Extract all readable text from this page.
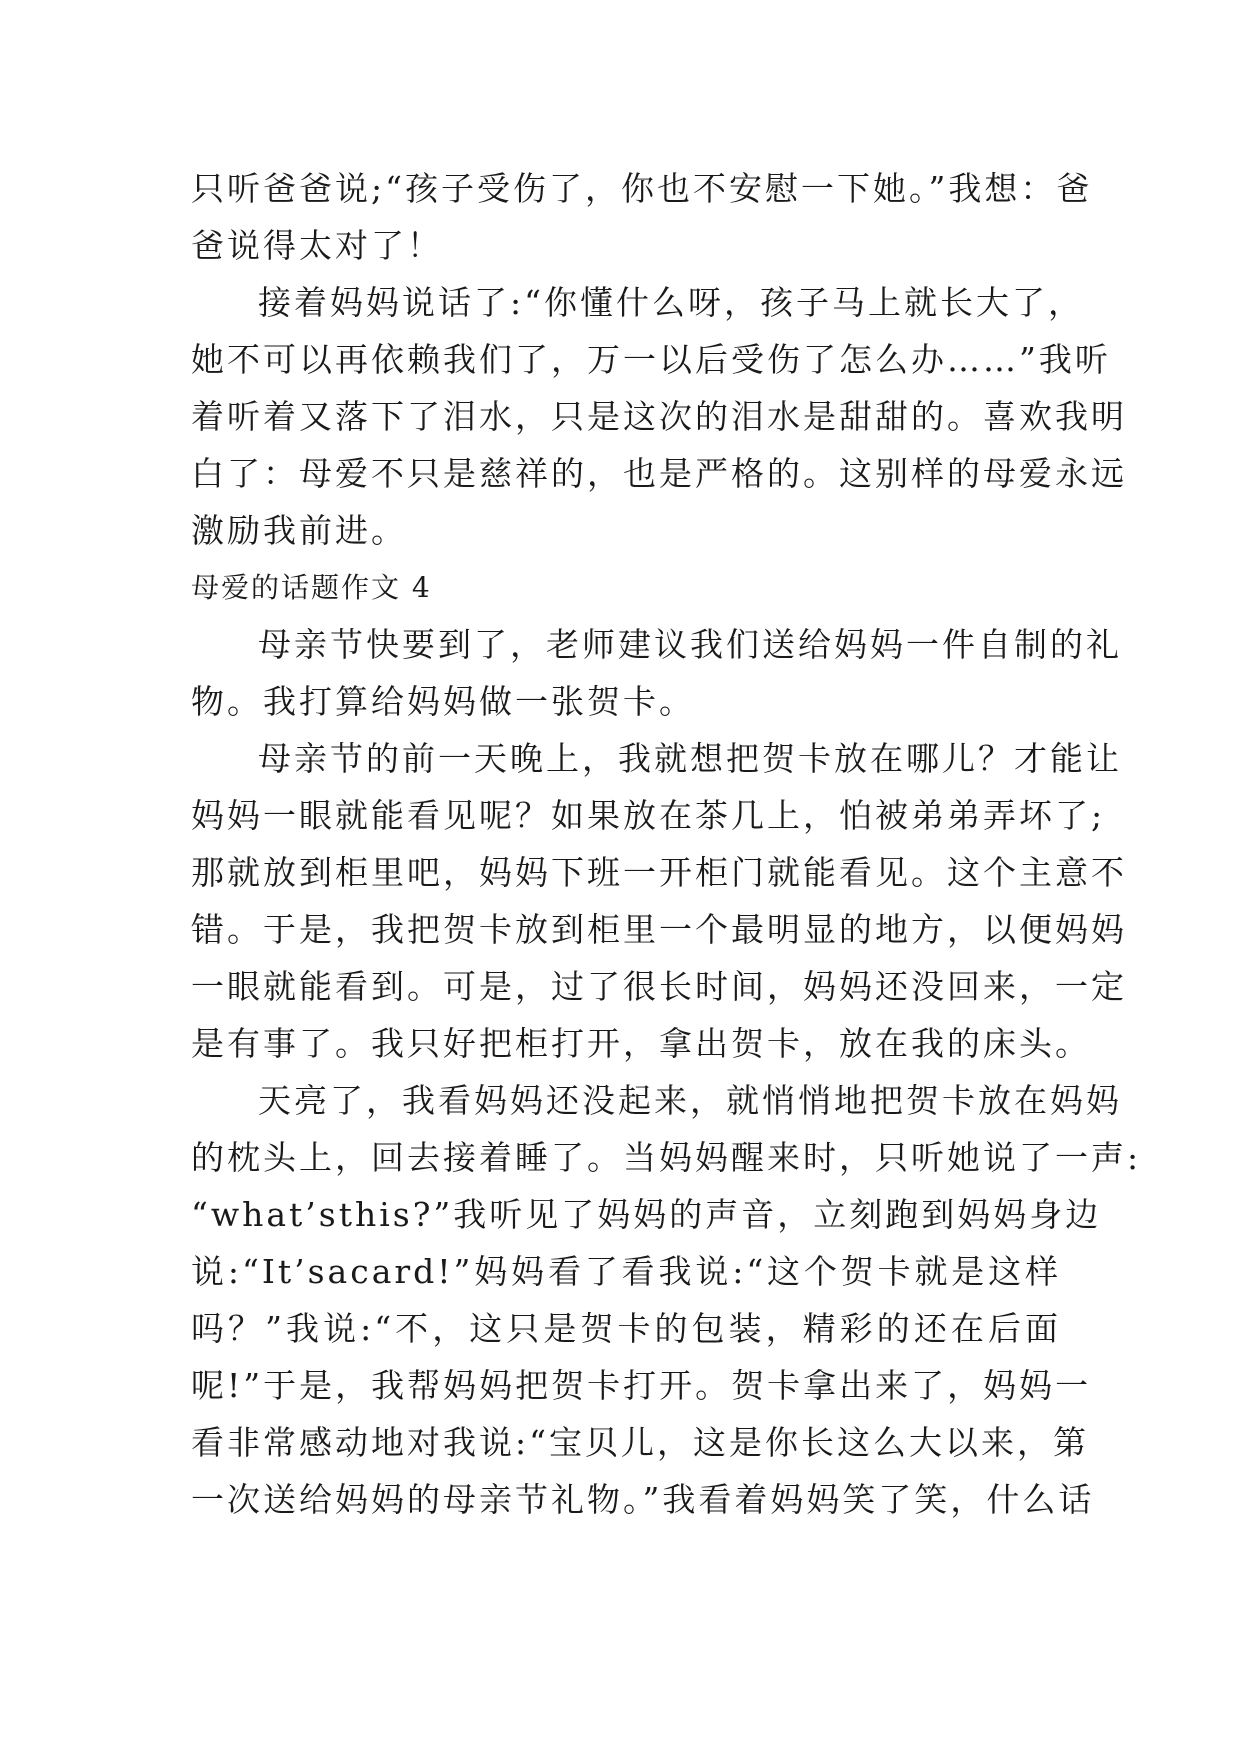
只听爸爸说;“孩子受伤了，你也不安慰一下她。”我想：爸
爸说得太对了！
接着妈妈说话了:“你懂什么呀，孩子马上就长大了，
她不可以再依赖我们了，万一以后受伤了怎么办……”我听
着听着又落下了泪水，只是这次的泪水是甜甜的。喜欢我明
白了：母爱不只是慈祥的，也是严格的。这别样的母爱永远
激励我前进。
母爱的话题作文 4
母亲节快要到了，老师建议我们送给妈妈一件自制的礼
物。我打算给妈妈做一张贺卡。
母亲节的前一天晚上，我就想把贺卡放在哪儿？才能让
妈妈一眼就能看见呢？如果放在茶几上，怕被弟弟弄坏了;
那就放到柜里吧，妈妈下班一开柜门就能看见。这个主意不
错。于是，我把贺卡放到柜里一个最明显的地方，以便妈妈
一眼就能看到。可是，过了很长时间，妈妈还没回来，一定
是有事了。我只好把柜打开，拿出贺卡，放在我的床头。
天亮了，我看妈妈还没起来，就悄悄地把贺卡放在妈妈
的枕头上，回去接着睡了。当妈妈醒来时，只听她说了一声:
“what’sthis?”我听见了妈妈的声音，立刻跑到妈妈身边
说:“It’sacard!”妈妈看了看我说:“这个贺卡就是这样
吗？”我说:“不，这只是贺卡的包装，精彩的还在后面
呢!”于是，我帮妈妈把贺卡打开。贺卡拿出来了，妈妈一
看非常感动地对我说:“宝贝儿，这是你长这么大以来，第
一次送给妈妈的母亲节礼物。”我看着妈妈笑了笑，什么话
